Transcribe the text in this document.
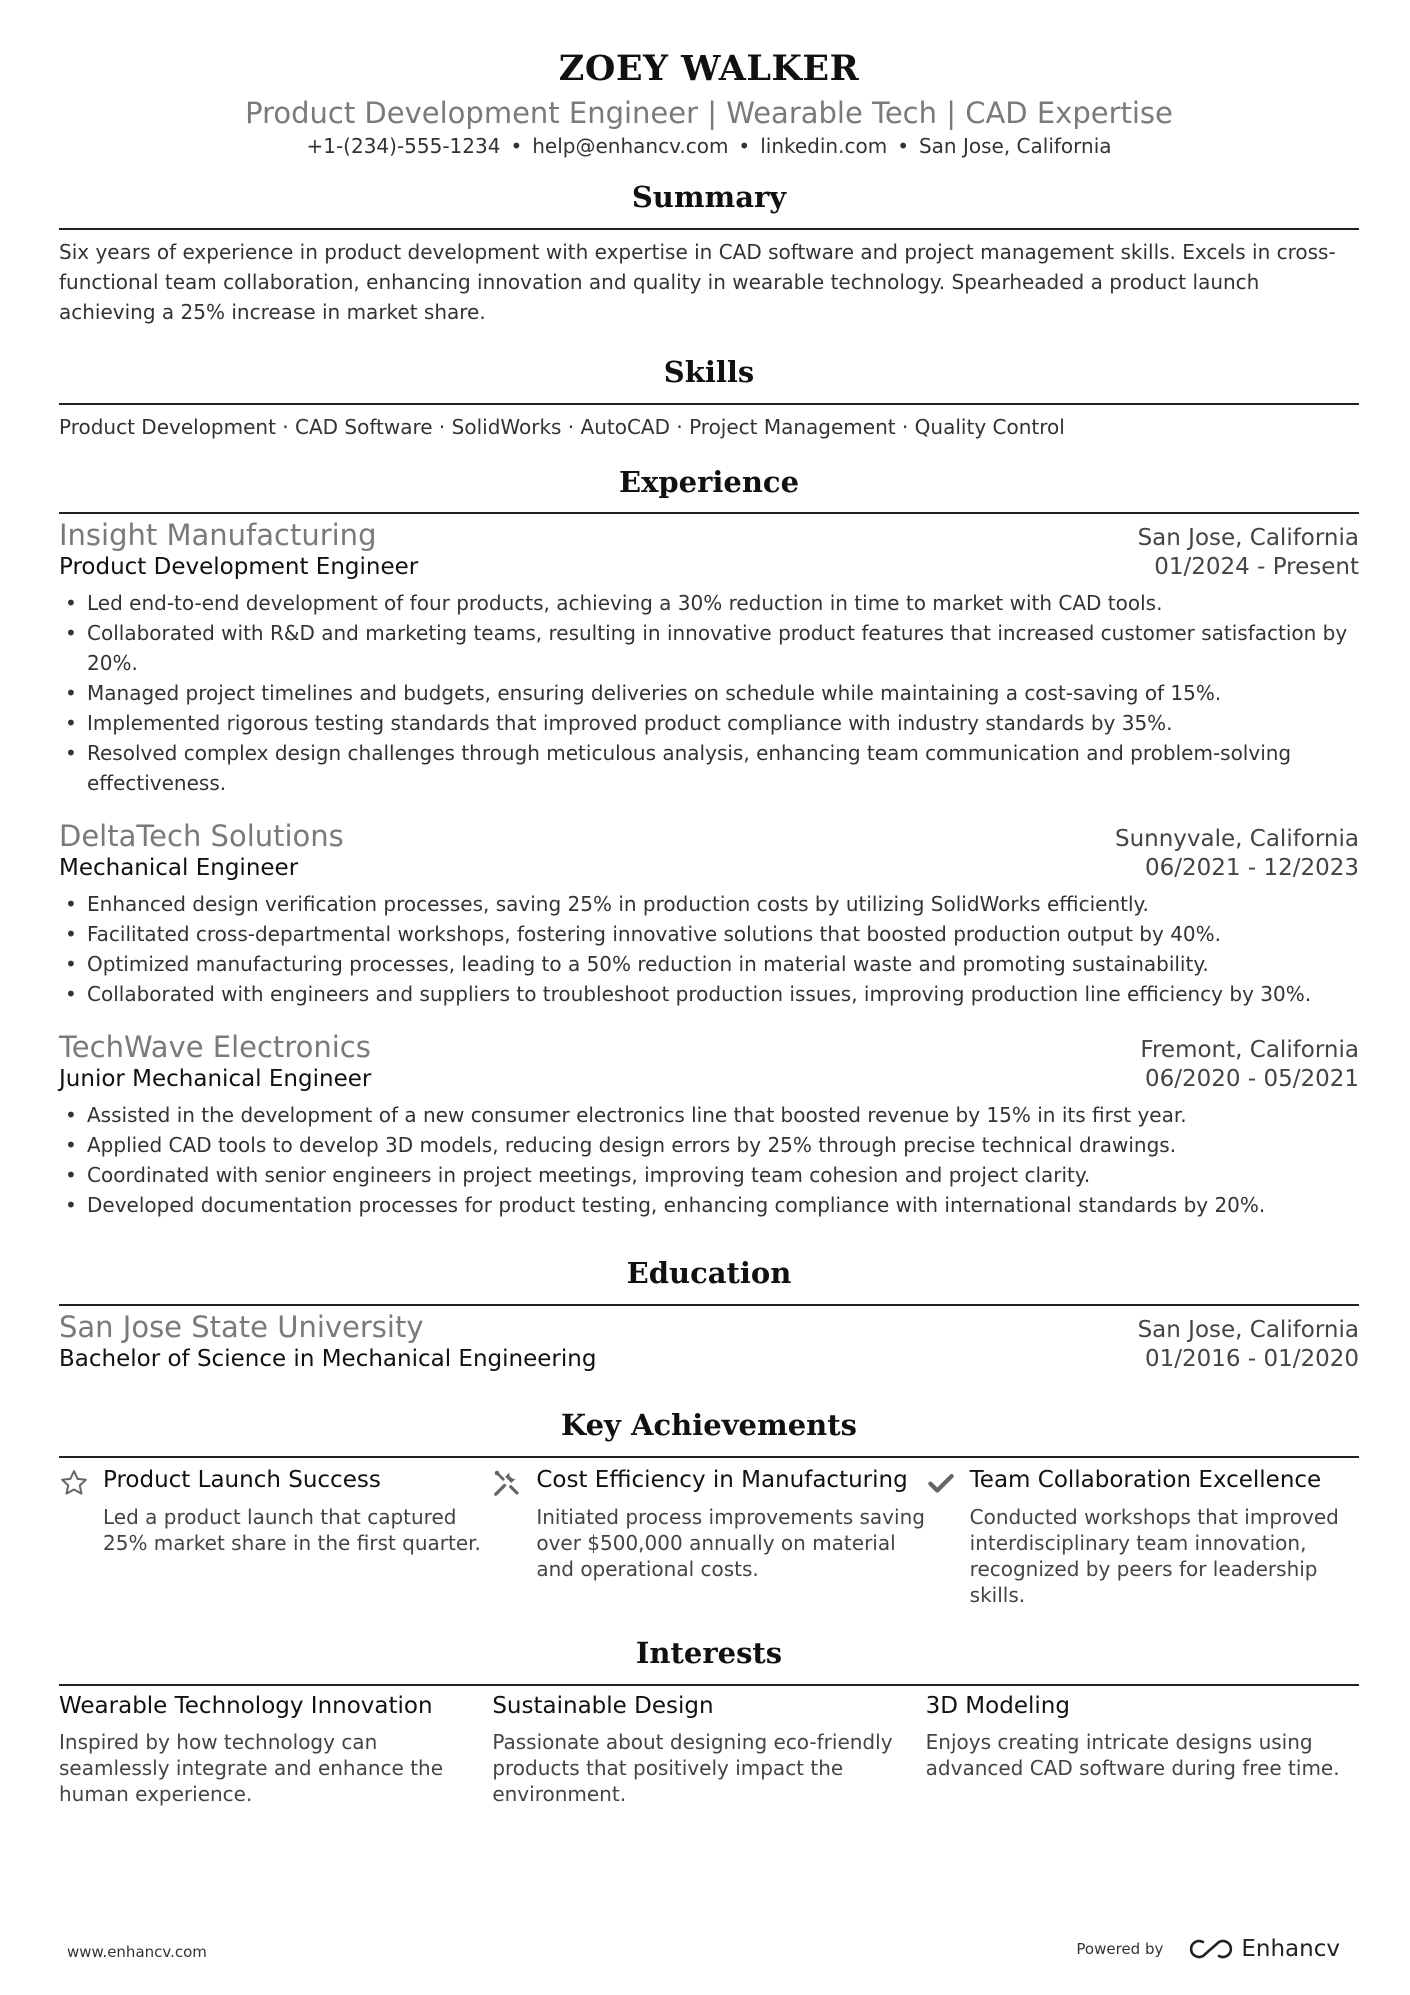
ZOEY WALKER
Product Development Engineer | Wearable Tech | CAD Expertise
+1-(234)-555-1234 • help@enhancv.com • linkedin.com • San Jose, California
Summary

Six years of experience in product development with expertise in CAD software and project management skills. Excels in cross-functional team collaboration, enhancing innovation and quality in wearable technology. Spearheaded a product launch achieving a 25% increase in market share.

Skills

Product Development · CAD Software · SolidWorks · AutoCAD · Project Management · Quality Control

Experience
Insight Manufacturing	San Jose, California
Product Development Engineer	01/2024 - Present
• Led end-to-end development of four products, achieving a 30% reduction in time to market with CAD tools.
• Collaborated with R&D and marketing teams, resulting in innovative product features that increased customer satisfaction by 20%.
• Managed project timelines and budgets, ensuring deliveries on schedule while maintaining a cost-saving of 15%.
• Implemented rigorous testing standards that improved product compliance with industry standards by 35%.
• Resolved complex design challenges through meticulous analysis, enhancing team communication and problem-solving effectiveness.
DeltaTech Solutions	Sunnyvale, California
Mechanical Engineer	06/2021 - 12/2023
• Enhanced design verification processes, saving 25% in production costs by utilizing SolidWorks efficiently.
• Facilitated cross-departmental workshops, fostering innovative solutions that boosted production output by 40%.
• Optimized manufacturing processes, leading to a 50% reduction in material waste and promoting sustainability.
• Collaborated with engineers and suppliers to troubleshoot production issues, improving production line efficiency by 30%.
TechWave Electronics	Fremont, California
Junior Mechanical Engineer	06/2020 - 05/2021
• Assisted in the development of a new consumer electronics line that boosted revenue by 15% in its first year.
• Applied CAD tools to develop 3D models, reducing design errors by 25% through precise technical drawings.
• Coordinated with senior engineers in project meetings, improving team cohesion and project clarity.
• Developed documentation processes for product testing, enhancing compliance with international standards by 20%.
Education
San Jose State University	San Jose, California
Bachelor of Science in Mechanical Engineering	01/2016 - 01/2020
Key Achievements
Product Launch Success
Led a product launch that captured 25% market share in the first quarter.
Cost Efficiency in Manufacturing
Initiated process improvements saving over $500,000 annually on material and operational costs.
Team Collaboration Excellence
Conducted workshops that improved interdisciplinary team innovation, recognized by peers for leadership skills.
Interests
Wearable Technology Innovation
Inspired by how technology can seamlessly integrate and enhance the human experience.
Sustainable Design
Passionate about designing eco-friendly products that positively impact the environment.
3D Modeling
Enjoys creating intricate designs using advanced CAD software during free time.
www.enhancv.com	Powered by	Enhancv
